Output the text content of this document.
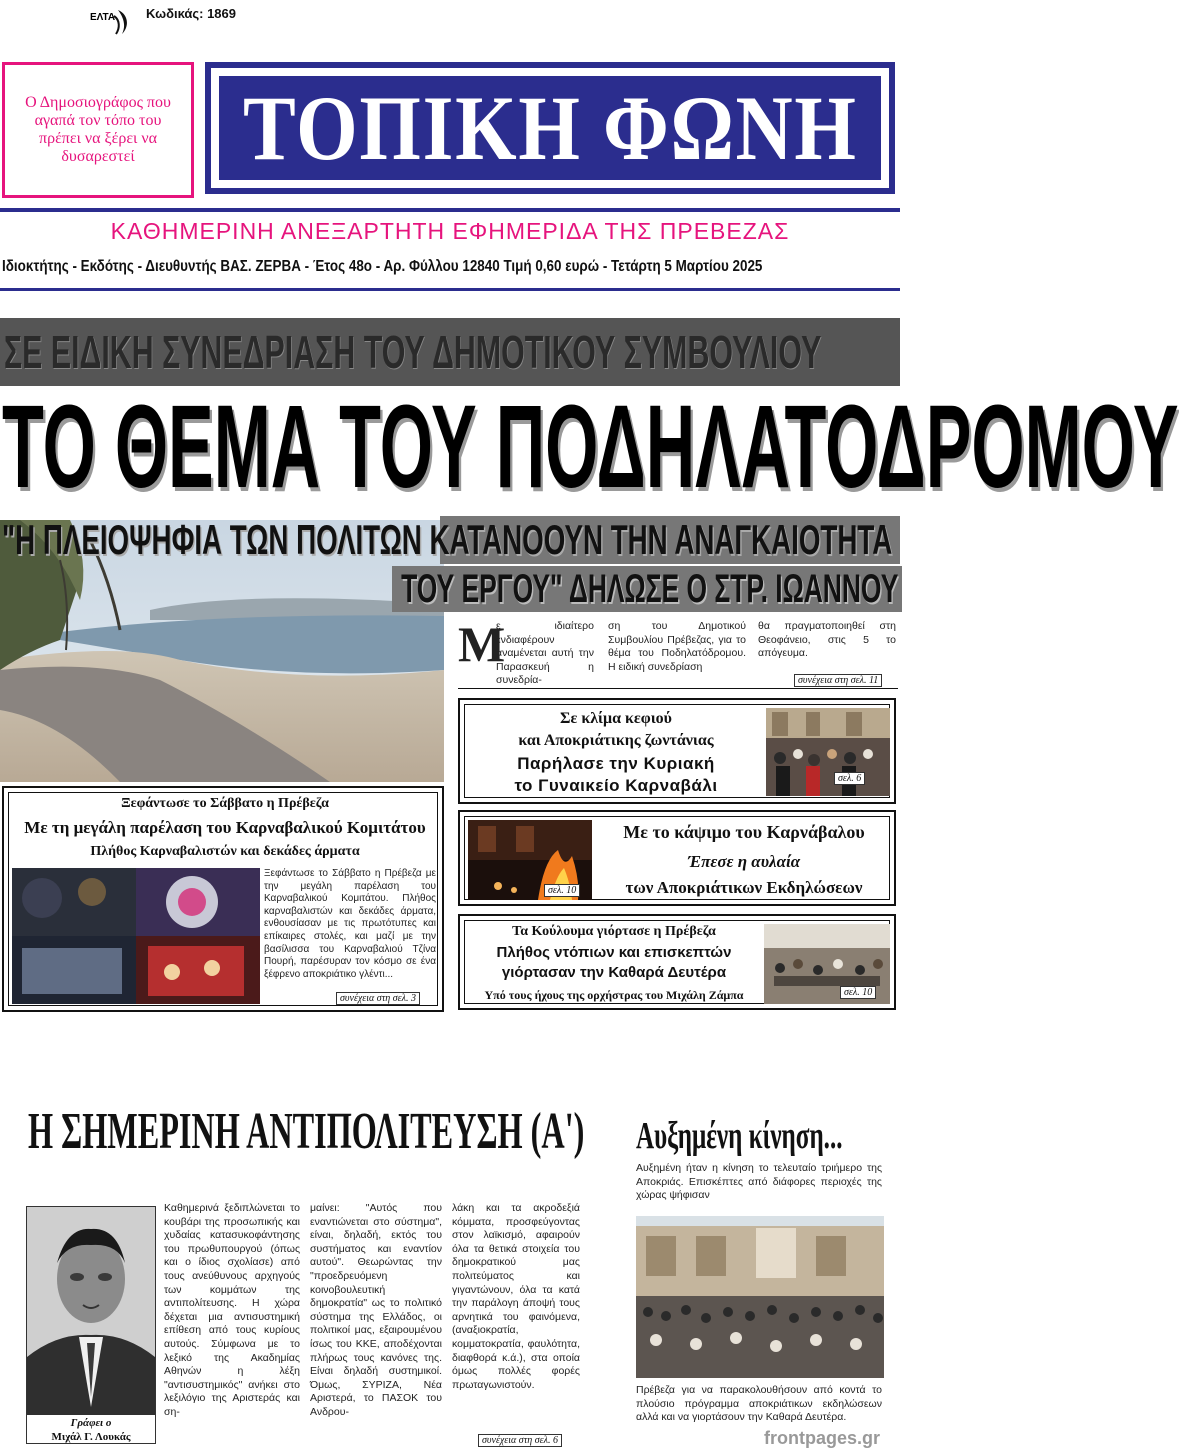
ΕΛΤΑ Κωδικάς: 1869
Ο Δημοσιογράφος που αγαπά τον τόπο του πρέπει να ξέρει να δυσαρεστεί	ΤΟΠΙΚΗ ΦΩΝΗ
ΚΑΘΗΜΕΡΙΝΗ ΑΝΕΞΑΡΤΗΤΗ ΕΦΗΜΕΡΙΔΑ ΤΗΣ ΠΡΕΒΕΖΑΣ
Ιδιοκτήτης - Εκδότης - Διευθυντής ΒΑΣ. ΖΕΡΒΑ - Έτος 48ο - Αρ. Φύλλου 12840 Τιμή 0,60 ευρώ - Τετάρτη 5 Μαρτίου 2025
ΣΕ ΕΙΔΙΚΗ ΣΥΝΕΔΡΙΑΣΗ ΤΟΥ ΔΗΜΟΤΙΚΟΥ ΣΥΜΒΟΥΛΙΟΥ
ΤΟ ΘΕΜΑ ΤΟΥ ΠΟΔΗΛΑΤΟΔΡΟΜΟΥ
"Η ΠΛΕΙΟΨΗΦΙΑ ΤΩΝ ΠΟΛΙΤΩΝ ΚΑΤΑΝΟΟΥΝ ΤΗΝ ΑΝΑΓΚΑΙΟΤΗΤΑ
ΤΟΥ ΕΡΓΟΥ" ΔΗΛΩΣΕ Ο ΣΤΡ. ΙΩΑΝΝΟΥ
Μ
ε ιδιαίτερο ενδιαφέρουν αναμένεται αυτή την Παρασκευή η συνεδρία-
ση του Δημοτικού Συμβουλίου Πρέβεζας, για το θέμα του Ποδηλατόδρομου. Η ειδική συνεδρίαση
θα πραγματοποιηθεί στη Θεοφάνειο, στις 5 το απόγευμα.
συνέχεια στη σελ. 11
Σε κλίμα κεφιού
και Αποκριάτικης ζωντάνιας
Παρήλασε την Κυριακή
το Γυναικείο Καρναβάλι	σελ. 6
Ξεφάντωσε το Σάββατο η Πρέβεζα
Με τη μεγάλη παρέλαση του Καρναβαλικού Κομιτάτου
Πλήθος Καρναβαλιστών και δεκάδες άρματα
Ξεφάντωσε το Σάββατο η Πρέβεζα με την μεγάλη παρέλαση του Καρναβαλικού Κομιτάτου. Πλήθος καρναβαλιστών και δεκάδες άρματα, ενθουσίασαν με τις πρωτότυπες και επίκαιρες στολές, και μαζί με την βασίλισσα του Καρναβαλιού Τζίνα Πουρή, παρέσυραν τον κόσμο σε ένα ξέφρενο αποκριάτικο γλέντι...
συνέχεια στη σελ. 3
σελ. 10
Με το κάψιμο του Καρνάβαλου
Έπεσε η αυλαία
των Αποκριάτικων Εκδηλώσεων
Τα Κούλουμα γιόρτασε η Πρέβεζα
Πλήθος ντόπιων και επισκεπτών
γιόρτασαν την Καθαρά Δευτέρα
Υπό τους ήχους της ορχήστρας του Μιχάλη Ζάμπα	σελ. 10
Η ΣΗΜΕΡΙΝΗ ΑΝΤΙΠΟΛΙΤΕΥΣΗ (Α')
Γράφει ο
Μιχάλ Γ. Λουκάς
Καθημερινά ξεδιπλώνεται το κουβάρι της προσωπικής και χυδαίας κατασυκοφάντησης του πρωθυπουργού (όπως και ο ίδιος σχολίασε) από τους ανεύθυνους αρχηγούς των κομμάτων της αντιπολίτευσης. Η χώρα δέχεται μια αντισυστημική επίθεση από τους κυρίους αυτούς. Σύμφωνα με το λεξικό της Ακαδημίας Αθηνών η λέξη "αντισυστημικός" ανήκει στο λεξιλόγιο της Αριστεράς και ση-
μαίνει: "Αυτός που εναντιώνεται στο σύστημα", είναι, δηλαδή, εκτός του συστήματος και εναντίον αυτού". Θεωρώντας την "προεδρευόμενη κοινοβουλευτική δημοκρατία" ως το πολιτικό σύστημα της Ελλάδος, οι πολιτικοί μας, εξαιρουμένου ίσως του ΚΚΕ, αποδέχονται πλήρως τους κανόνες της. Είναι δηλαδή συστημικοί. Όμως, ΣΥΡΙΖΑ, Νέα Αριστερά, το ΠΑΣΟΚ του Ανδρου-
λάκη και τα ακροδεξιά κόμματα, προσφεύγοντας στον λαϊκισμό, αφαιρούν όλα τα θετικά στοιχεία του δημοκρατικού μας πολιτεύματος και γιγαντώνουν, όλα τα κατά την παράλογη άποψή τους αρνητικά του φαινόμενα, (αναξιοκρατία, κομματοκρατία, φαυλότητα, διαφθορά κ.ά.), στα οποία όμως πολλές φορές πρωταγωνιστούν.
συνέχεια στη σελ. 6
Αυξημένη κίνηση...
Αυξημένη ήταν η κίνηση το τελευταίο τριήμερο της Αποκριάς. Επισκέπτες από διάφορες περιοχές της χώρας ψήφισαν
Πρέβεζα για να παρακολουθήσουν από κοντά το πλούσιο πρόγραμμα αποκριάτικων εκδηλώσεων αλλά και να γιορτάσουν την Καθαρά Δευτέρα.
frontpages.gr
